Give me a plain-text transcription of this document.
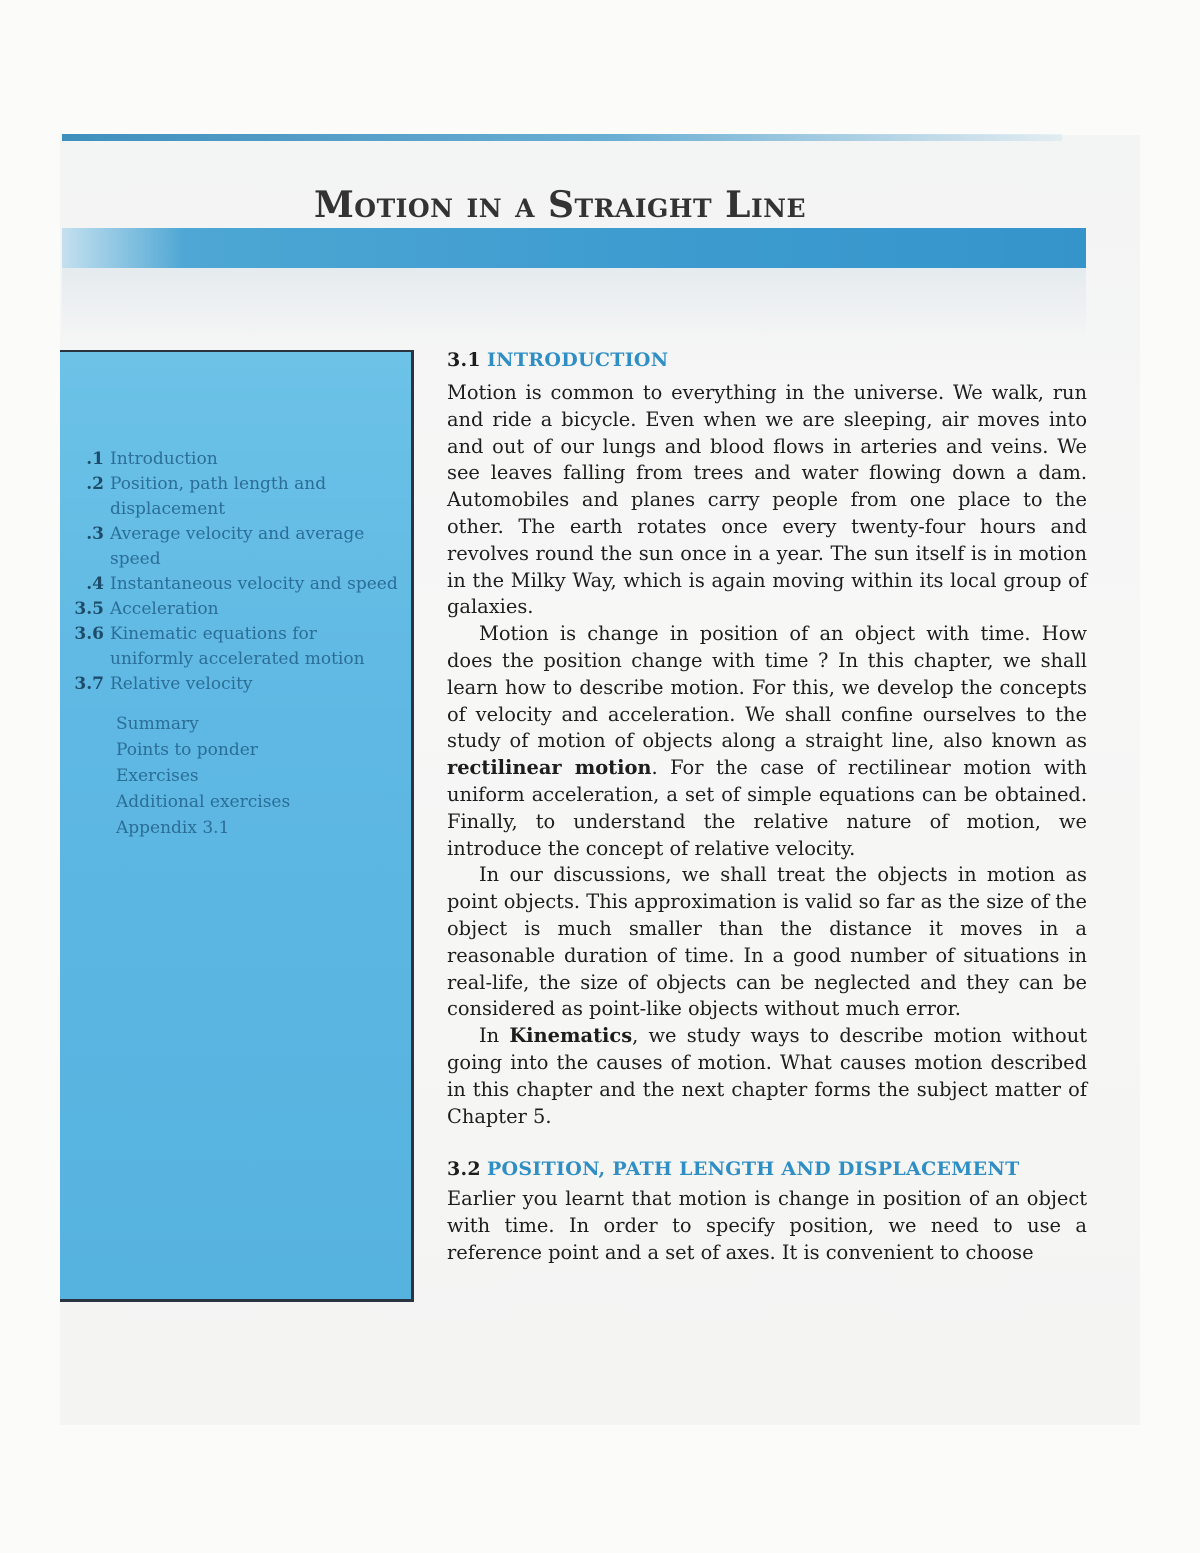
Motion in a Straight Line
.1 Introduction
.2 Position, path length and displacement
.3 Average velocity and average speed
.4 Instantaneous velocity and speed
3.5 Acceleration
3.6 Kinematic equations for uniformly accelerated motion
3.7 Relative velocity
Summary
Points to ponder
Exercises
Additional exercises
Appendix 3.1
3.1 INTRODUCTION

Motion is common to everything in the universe. We walk, run and ride a bicycle. Even when we are sleeping, air moves into and out of our lungs and blood flows in arteries and veins. We see leaves falling from trees and water flowing down a dam. Automobiles and planes carry people from one place to the other. The earth rotates once every twenty-four hours and revolves round the sun once in a year. The sun itself is in motion in the Milky Way, which is again moving within its local group of galaxies.

Motion is change in position of an object with time. How does the position change with time ? In this chapter, we shall learn how to describe motion. For this, we develop the concepts of velocity and acceleration. We shall confine ourselves to the study of motion of objects along a straight line, also known as rectilinear motion. For the case of rectilinear motion with uniform acceleration, a set of simple equations can be obtained. Finally, to understand the relative nature of motion, we introduce the concept of relative velocity.

In our discussions, we shall treat the objects in motion as point objects. This approximation is valid so far as the size of the object is much smaller than the distance it moves in a reasonable duration of time. In a good number of situations in real-life, the size of objects can be neglected and they can be considered as point-like objects without much error.

In Kinematics, we study ways to describe motion without going into the causes of motion. What causes motion described in this chapter and the next chapter forms the subject matter of Chapter 5.

3.2 POSITION, PATH LENGTH AND DISPLACEMENT

Earlier you learnt that motion is change in position of an object with time. In order to specify position, we need to use a reference point and a set of axes. It is convenient to choose
